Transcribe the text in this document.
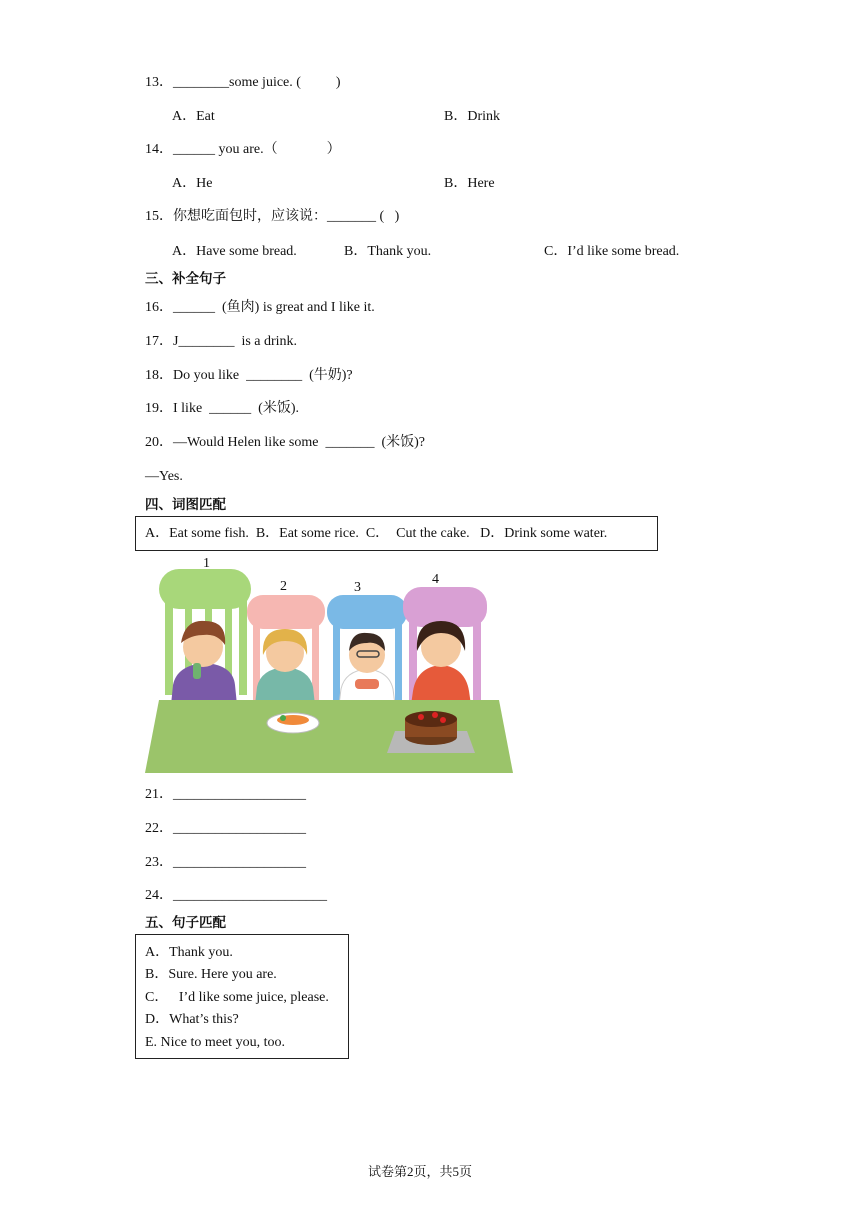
13．________some juice. (          )
A．Eat	B．Drink
14．______ you are.（              ）
A．He	B．Here
15．你想吃面包时，应该说：_______ (   )
A．Have some bread.	B．Thank you.	C．I’d like some bread.
三、补全句子
16．______  (鱼肉) is great and I like it.
17．J________  is a drink.
18．Do you like  ________  (牛奶)?
19．I like  ______  (米饭).
20．—Would Helen like some  _______  (米饭)?
—Yes.
四、词图匹配
A．Eat some fish.  B．Eat some rice.  C．  Cut the cake.   D．Drink some water.
1
2	3
4
21．___________________
22．___________________
23．___________________
24．______________________
五、句子匹配
A．Thank you.
B．Sure. Here you are.
C．   I’d like some juice, please.
D．What’s this?
E. Nice to meet you, too.
试卷第2页，共5页
